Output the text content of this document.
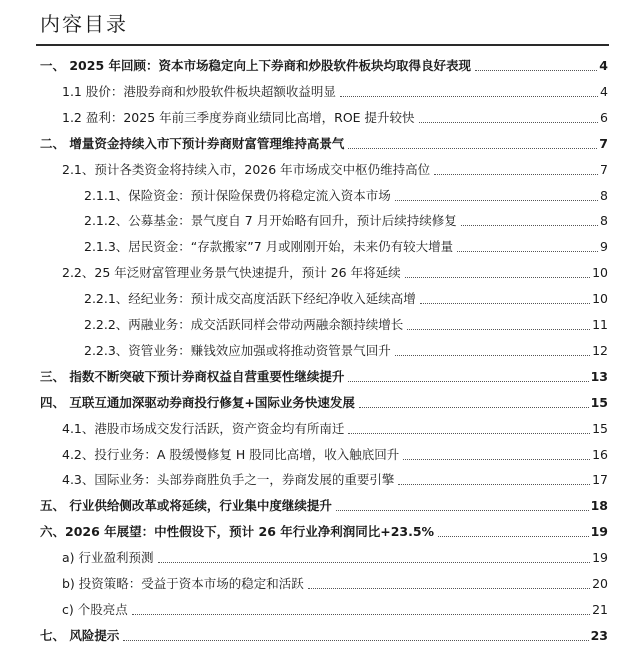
内容目录
一、 2025 年回顾：资本市场稳定向上下券商和炒股软件板块均取得良好表现	4
1.1 股价：港股券商和炒股软件板块超额收益明显	4
1.2 盈利：2025 年前三季度券商业绩同比高增，ROE 提升较快	6
二、 增量资金持续入市下预计券商财富管理维持高景气	7
2.1、预计各类资金将持续入市，2026 年市场成交中枢仍维持高位	7
2.1.1、保险资金：预计保险保费仍将稳定流入资本市场	8
2.1.2、公募基金：景气度自 7 月开始略有回升，预计后续持续修复	8
2.1.3、居民资金：“存款搬家”7 月或刚刚开始，未来仍有较大增量	9
2.2、25 年泛财富管理业务景气快速提升，预计 26 年将延续	10
2.2.1、经纪业务：预计成交高度活跃下经纪净收入延续高增	10
2.2.2、两融业务：成交活跃同样会带动两融余额持续增长	11
2.2.3、资管业务：赚钱效应加强或将推动资管景气回升	12
三、 指数不断突破下预计券商权益自营重要性继续提升	13
四、 互联互通加深驱动券商投行修复+国际业务快速发展	15
4.1、港股市场成交发行活跃，资产资金均有所南迁	15
4.2、投行业务：A 股缓慢修复 H 股同比高增，收入触底回升	16
4.3、国际业务：头部券商胜负手之一，券商发展的重要引擎	17
五、 行业供给侧改革或将延续，行业集中度继续提升	18
六、2026 年展望：中性假设下，预计 26 年行业净利润同比+23.5%	19
a) 行业盈利预测	19
b) 投资策略：受益于资本市场的稳定和活跃	20
c) 个股亮点	21
七、 风险提示	23
